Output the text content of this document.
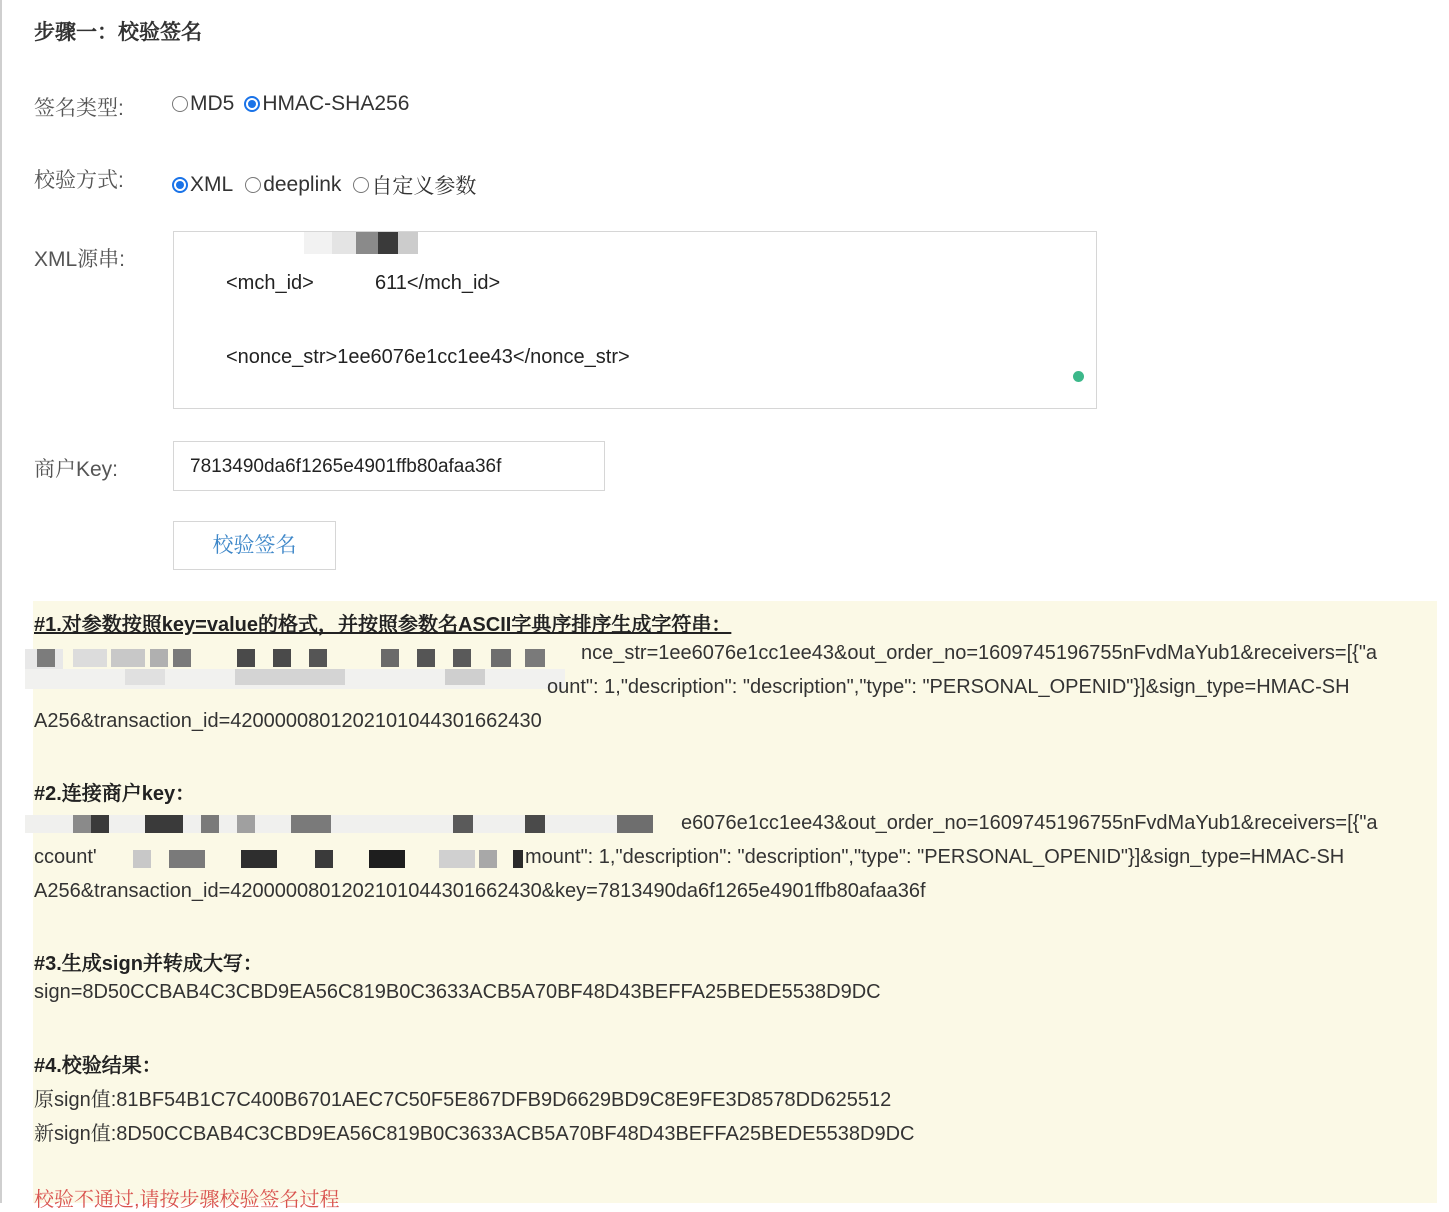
步骤一：校验签名
签名类型:	MD5 HMAC-SHA256
校验方式:	XML deeplink 自定义参数
XML源串:

<mch_id>           611</mch_id>

<nonce_str>1ee6076e1cc1ee43</nonce_str>

商户Key:	7813490da6f1265e4901ffb80afaa36f
校验签名
#1.对参数按照key=value的格式，并按照参数名ASCII字典序排序生成字符串：
nce_str=1ee6076e1cc1ee43&out_order_no=1609745196755nFvdMaYub1&receivers=[{"a
ount": 1,"description": "description","type": "PERSONAL_OPENID"}]&sign_type=HMAC-SH
A256&transaction_id=4200000801202101044301662430
#2.连接商户key：
e6076e1cc1ee43&out_order_no=1609745196755nFvdMaYub1&receivers=[{"a
ccount'	mount": 1,"description": "description","type": "PERSONAL_OPENID"}]&sign_type=HMAC-SH
A256&transaction_id=4200000801202101044301662430&key=7813490da6f1265e4901ffb80afaa36f
#3.生成sign并转成大写：
sign=8D50CCBAB4C3CBD9EA56C819B0C3633ACB5A70BF48D43BEFFA25BEDE5538D9DC
#4.校验结果：
原sign值:81BF54B1C7C400B6701AEC7C50F5E867DFB9D6629BD9C8E9FE3D8578DD625512
新sign值:8D50CCBAB4C3CBD9EA56C819B0C3633ACB5A70BF48D43BEFFA25BEDE5538D9DC
校验不通过,请按步骤校验签名过程
